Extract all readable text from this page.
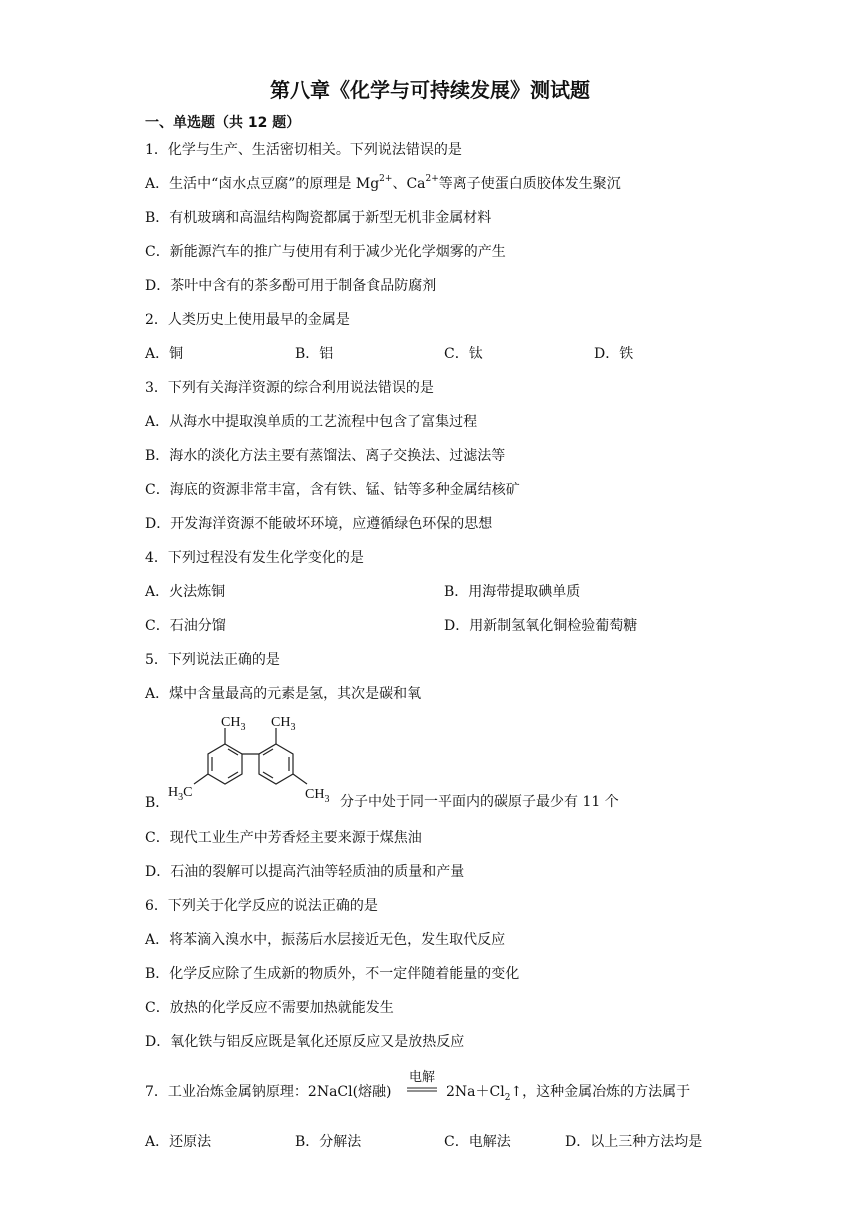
第八章《化学与可持续发展》测试题
一、单选题（共 12 题）
1．化学与生产、生活密切相关。下列说法错误的是
A．生活中“卤水点豆腐”的原理是 $Mg^{2+}$、$Ca^{2+}$等离子使蛋白质胶体发生聚沉
B．有机玻璃和高温结构陶瓷都属于新型无机非金属材料
C．新能源汽车的推广与使用有利于减少光化学烟雾的产生
D．茶叶中含有的茶多酚可用于制备食品防腐剂
2．人类历史上使用最早的金属是
A．铜	B．铝	C．钛	D．铁
3．下列有关海洋资源的综合利用说法错误的是
A．从海水中提取溴单质的工艺流程中包含了富集过程
B．海水的淡化方法主要有蒸馏法、离子交换法、过滤法等
C．海底的资源非常丰富，含有铁、锰、钴等多种金属结核矿
D．开发海洋资源不能破坏环境，应遵循绿色环保的思想
4．下列过程没有发生化学变化的是
A．火法炼铜	B．用海带提取碘单质
C．石油分馏	D．用新制氢氧化铜检验葡萄糖
5．下列说法正确的是
A．煤中含量最高的元素是氢，其次是碳和氧
B．
$CH_3$ $CH_3$
$H_3C$	$CH_3$ 分子中处于同一平面内的碳原子最少有 11 个
C．现代工业生产中芳香烃主要来源于煤焦油
D．石油的裂解可以提高汽油等轻质油的质量和产量
6．下列关于化学反应的说法正确的是
A．将苯滴入溴水中，振荡后水层接近无色，发生取代反应
B．化学反应除了生成新的物质外，不一定伴随着能量的变化
C．放热的化学反应不需要加热就能发生
D．氧化铁与铝反应既是氧化还原反应又是放热反应
7．工业冶炼金属钠原理：2NaCl(熔融)
电解
$2Na+Cl_2↑$，这种金属冶炼的方法属于
A．还原法	B．分解法	C．电解法	D．以上三种方法均是
